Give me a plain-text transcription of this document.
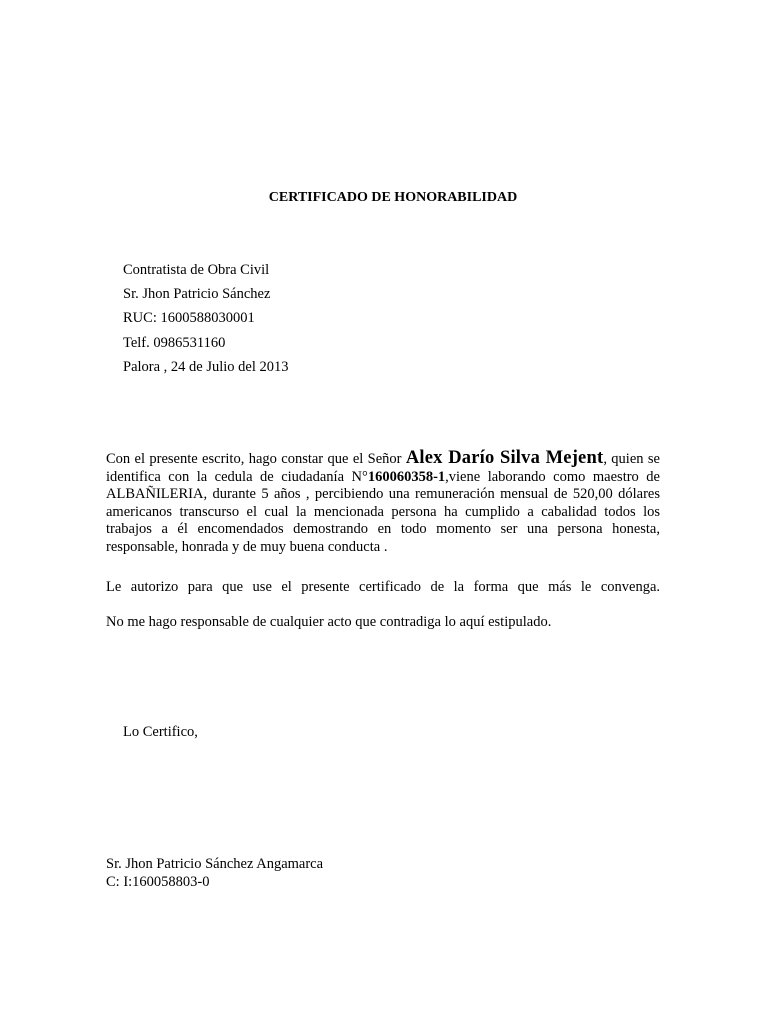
CERTIFICADO DE HONORABILIDAD
Contratista de Obra Civil
Sr. Jhon Patricio Sánchez
RUC: 1600588030001
Telf. 0986531160
Palora , 24 de Julio del 2013
Con el presente escrito, hago constar que el Señor Alex Darío Silva Mejent, quien se identifica con la cedula de ciudadanía N°160060358-1,viene laborando como maestro de ALBAÑILERIA, durante 5 años , percibiendo una remuneración mensual de 520,00 dólares americanos transcurso el cual la mencionada persona ha cumplido a cabalidad todos los trabajos a él encomendados demostrando en todo momento ser una persona honesta, responsable, honrada y de muy buena conducta .
Le autorizo para que use el presente certificado de la forma que más le convenga.
No me hago responsable de cualquier acto que contradiga lo aquí estipulado.
Lo Certifico,
Sr. Jhon Patricio Sánchez Angamarca
C: I:160058803-0
